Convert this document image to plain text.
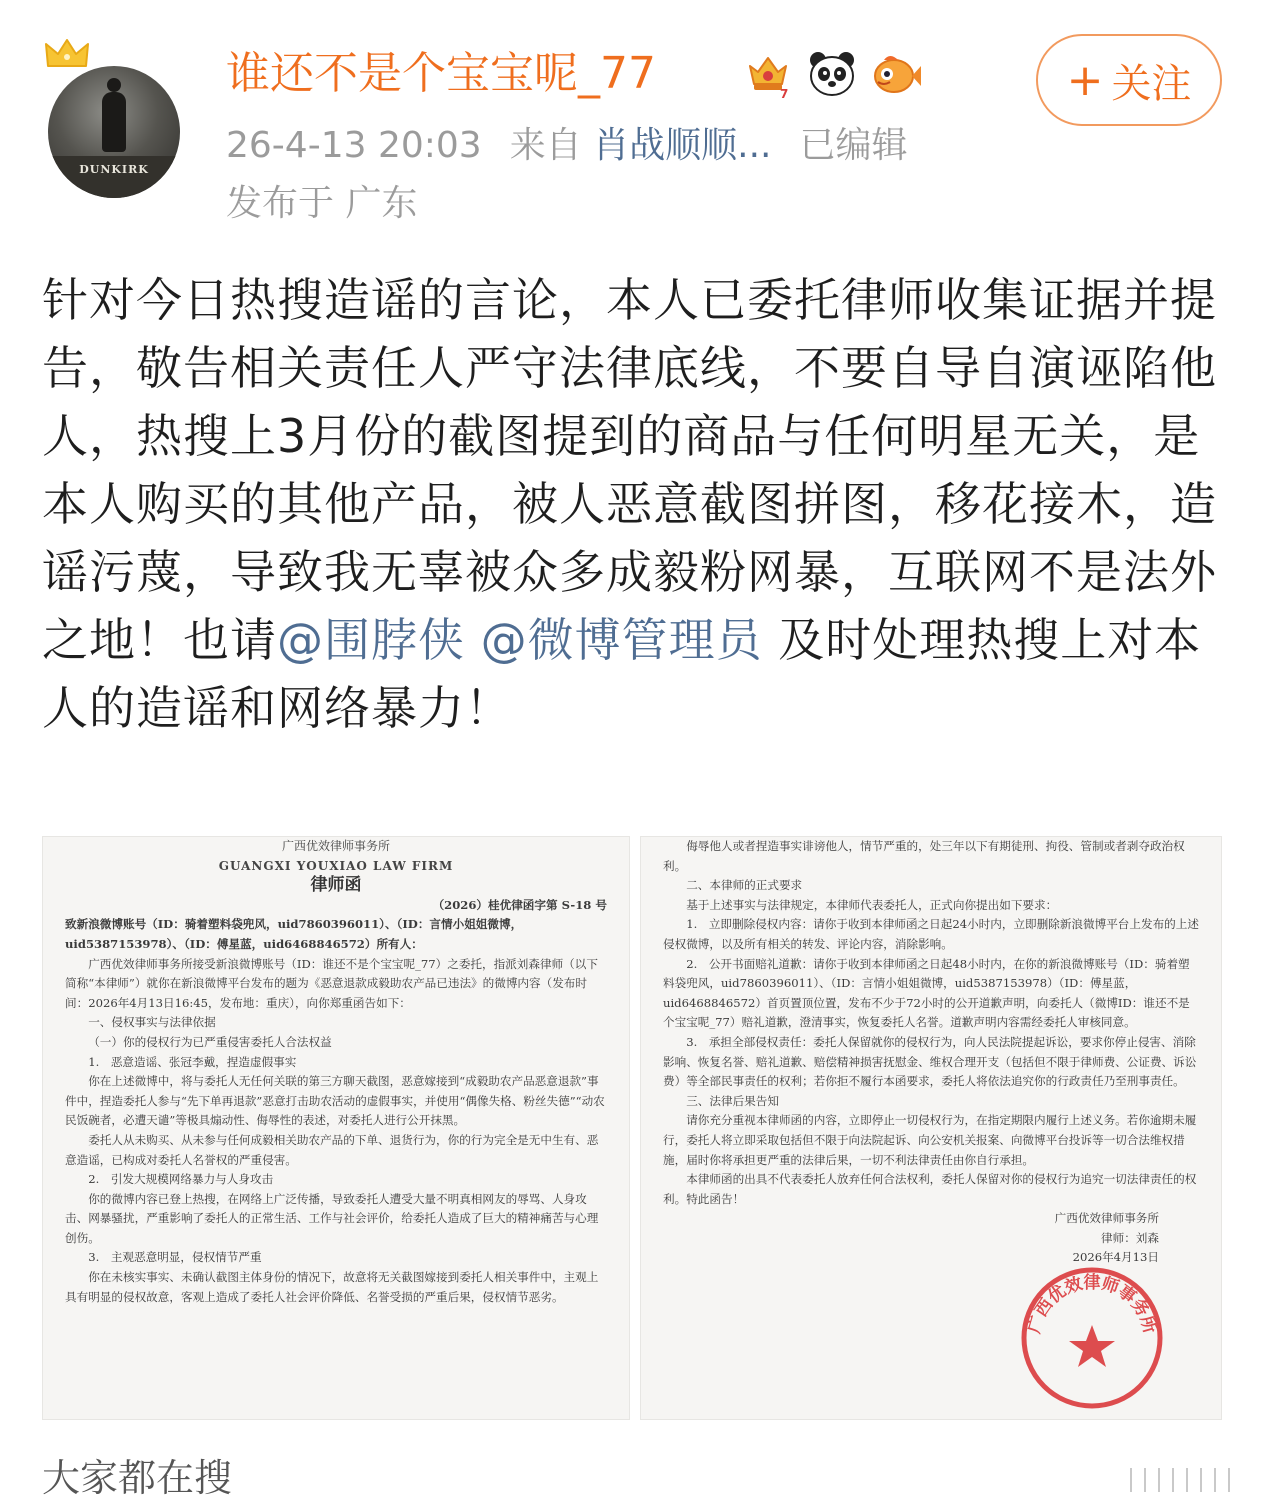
DUNKIRK
谁还不是个宝宝呢_77	7	+ 关注
26-4-13 20:03 来自 肖战顺顺... 已编辑
发布于 广东
针对今日热搜造谣的言论，本人已委托律师收集证据并提告，敬告相关责任人严守法律底线，不要自导自演诬陷他人，热搜上3月份的截图提到的商品与任何明星无关，是本人购买的其他产品，被人恶意截图拼图，移花接木，造谣污蔑，导致我无辜被众多成毅粉网暴，互联网不是法外之地！也请@围脖侠 @微博管理员 及时处理热搜上对本人的造谣和网络暴力！

广西优效律师事务所

GUANGXI YOUXIAO LAW FIRM

律师函

（2026）桂优律函字第 S-18 号

致新浪微博账号（ID：骑着塑料袋兜风，uid7860396011）、（ID：言情小姐姐微博，uid5387153978）、（ID：傅星蓝，uid6468846572）所有人：

广西优效律师事务所接受新浪微博账号（ID：谁还不是个宝宝呢_77）之委托，指派刘森律师（以下简称“本律师”）就你在新浪微博平台发布的题为《恶意退款成毅助农产品已违法》的微博内容（发布时间：2026年4月13日16:45，发布地：重庆），向你郑重函告如下：

一、侵权事实与法律依据

（一）你的侵权行为已严重侵害委托人合法权益

1.　恶意造谣、张冠李戴，捏造虚假事实

你在上述微博中，将与委托人无任何关联的第三方聊天截图，恶意嫁接到“成毅助农产品恶意退款”事件中，捏造委托人参与“先下单再退款”恶意打击助农活动的虚假事实，并使用“偶像失格、粉丝失德”“动农民饭碗者，必遭天谴”等极具煽动性、侮辱性的表述，对委托人进行公开抹黑。

委托人从未购买、从未参与任何成毅相关助农产品的下单、退货行为，你的行为完全是无中生有、恶意造谣，已构成对委托人名誉权的严重侵害。

2.　引发大规模网络暴力与人身攻击

你的微博内容已登上热搜，在网络上广泛传播，导致委托人遭受大量不明真相网友的辱骂、人身攻击、网暴骚扰，严重影响了委托人的正常生活、工作与社会评价，给委托人造成了巨大的精神痛苦与心理创伤。

3.　主观恶意明显，侵权情节严重

你在未核实事实、未确认截图主体身份的情况下，故意将无关截图嫁接到委托人相关事件中，主观上具有明显的侵权故意，客观上造成了委托人社会评价降低、名誉受损的严重后果，侵权情节恶劣。

侮辱他人或者捏造事实诽谤他人，情节严重的，处三年以下有期徒刑、拘役、管制或者剥夺政治权利。

二、本律师的正式要求

基于上述事实与法律规定，本律师代表委托人，正式向你提出如下要求：

1.　立即删除侵权内容：请你于收到本律师函之日起24小时内，立即删除新浪微博平台上发布的上述侵权微博，以及所有相关的转发、评论内容，消除影响。

2.　公开书面赔礼道歉：请你于收到本律师函之日起48小时内，在你的新浪微博账号（ID：骑着塑料袋兜风，uid7860396011）、（ID：言情小姐姐微博，uid5387153978）（ID：傅星蓝，uid6468846572）首页置顶位置，发布不少于72小时的公开道歉声明，向委托人（微博ID：谁还不是个宝宝呢_77）赔礼道歉，澄清事实，恢复委托人名誉。道歉声明内容需经委托人审核同意。

3.　承担全部侵权责任：委托人保留就你的侵权行为，向人民法院提起诉讼，要求你停止侵害、消除影响、恢复名誉、赔礼道歉、赔偿精神损害抚慰金、维权合理开支（包括但不限于律师费、公证费、诉讼费）等全部民事责任的权利；若你拒不履行本函要求，委托人将依法追究你的行政责任乃至刑事责任。

三、法律后果告知

请你充分重视本律师函的内容，立即停止一切侵权行为，在指定期限内履行上述义务。若你逾期未履行，委托人将立即采取包括但不限于向法院起诉、向公安机关报案、向微博平台投诉等一切合法维权措施，届时你将承担更严重的法律后果，一切不利法律责任由你自行承担。

本律师函的出具不代表委托人放弃任何合法权利，委托人保留对你的侵权行为追究一切法律责任的权利。特此函告！

广西优效律师事务所

律师：刘森

2026年4月13日

广西优效律师事务所
大家都在搜
